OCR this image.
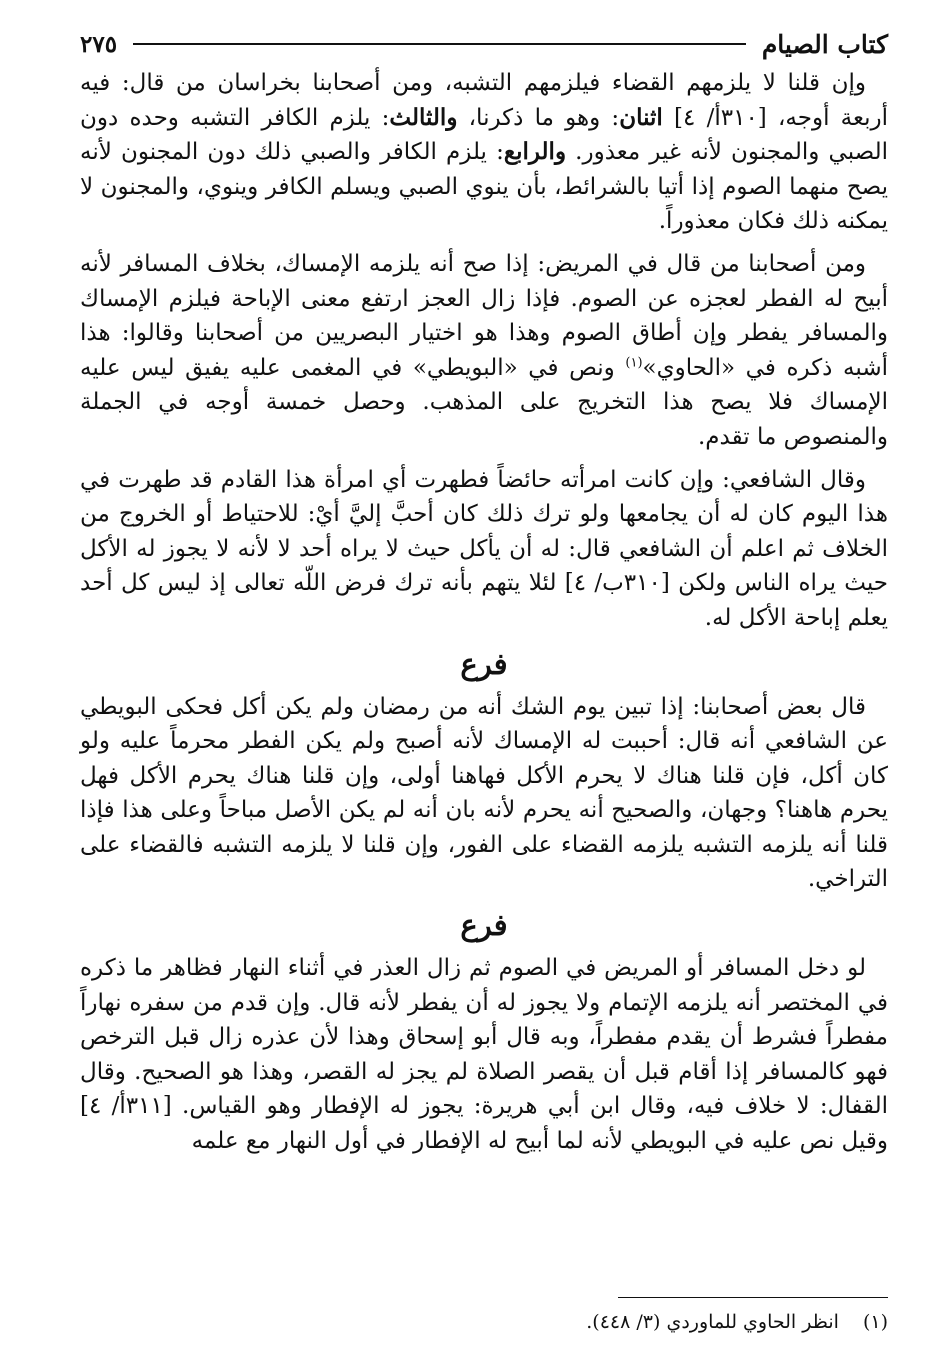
كتاب الصيام
٢٧٥

وإن قلنا لا يلزمهم القضاء فيلزمهم التشبه، ومن أصحابنا بخراسان من قال: فيه أربعة أوجه، [٣١٠أ/ ٤] اثنان: وهو ما ذكرنا، والثالث: يلزم الكافر التشبه وحده دون الصبي والمجنون لأنه غير معذور. والرابع: يلزم الكافر والصبي ذلك دون المجنون لأنه يصح منهما الصوم إذا أتيا بالشرائط، بأن ينوي الصبي ويسلم الكافر وينوي، والمجنون لا يمكنه ذلك فكان معذوراً.

ومن أصحابنا من قال في المريض: إذا صح أنه يلزمه الإمساك، بخلاف المسافر لأنه أبيح له الفطر لعجزه عن الصوم. فإذا زال العجز ارتفع معنى الإباحة فيلزم الإمساك والمسافر يفطر وإن أطاق الصوم وهذا هو اختيار البصريين من أصحابنا وقالوا: هذا أشبه ذكره في «الحاوي»$^{(١)}$ ونص في «البويطي» في المغمى عليه يفيق ليس عليه الإمساك فلا يصح هذا التخريج على المذهب. وحصل خمسة أوجه في الجملة والمنصوص ما تقدم.

وقال الشافعي: وإن كانت امرأته حائضاً فطهرت أي امرأة هذا القادم قد طهرت في هذا اليوم كان له أن يجامعها ولو ترك ذلك كان أحبَّ إليَّ أيْ: للاحتياط أو الخروج من الخلاف ثم اعلم أن الشافعي قال: له أن يأكل حيث لا يراه أحد لا لأنه لا يجوز له الأكل حيث يراه الناس ولكن [٣١٠ب/ ٤] لئلا يتهم بأنه ترك فرض اللّه تعالى إذ ليس كل أحد يعلم إباحة الأكل له.

فرع

قال بعض أصحابنا: إذا تبين يوم الشك أنه من رمضان ولم يكن أكل فحكى البويطي عن الشافعي أنه قال: أحببت له الإمساك لأنه أصبح ولم يكن الفطر محرماً عليه ولو كان أكل، فإن قلنا هناك لا يحرم الأكل فهاهنا أولى، وإن قلنا هناك يحرم الأكل فهل يحرم هاهنا؟ وجهان، والصحيح أنه يحرم لأنه بان أنه لم يكن الأصل مباحاً وعلى هذا فإذا قلنا أنه يلزمه التشبه يلزمه القضاء على الفور، وإن قلنا لا يلزمه التشبه فالقضاء على التراخي.

فرع

لو دخل المسافر أو المريض في الصوم ثم زال العذر في أثناء النهار فظاهر ما ذكره في المختصر أنه يلزمه الإتمام ولا يجوز له أن يفطر لأنه قال. وإن قدم من سفره نهاراً مفطراً فشرط أن يقدم مفطراً، وبه قال أبو إسحاق وهذا لأن عذره زال قبل الترخص فهو كالمسافر إذا أقام قبل أن يقصر الصلاة لم يجز له القصر، وهذا هو الصحيح. وقال القفال: لا خلاف فيه، وقال ابن أبي هريرة: يجوز له الإفطار وهو القياس. [٣١١أ/ ٤] وقيل نص عليه في البويطي لأنه لما أبيح له الإفطار في أول النهار مع علمه

(١) انظر الحاوي للماوردي (٣/ ٤٤٨).
